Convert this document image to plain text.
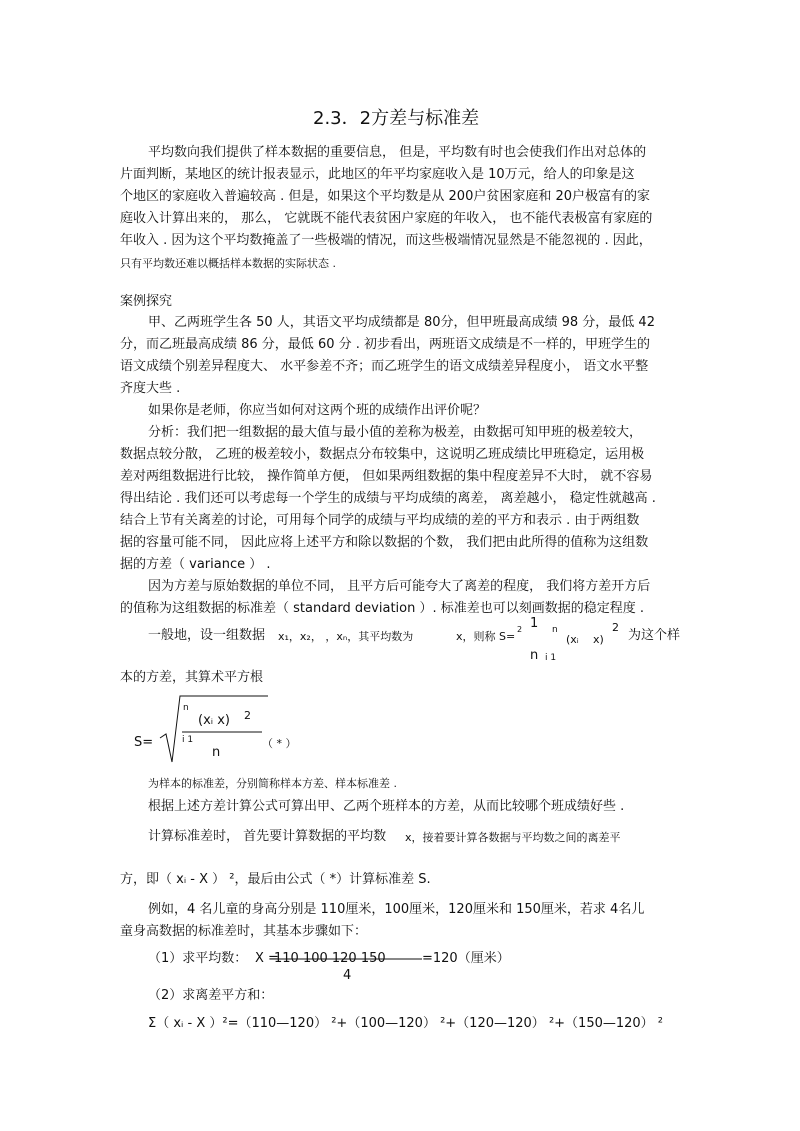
2.3．2方差与标准差
平均数向我们提供了样本数据的重要信息， 但是，平均数有时也会使我们作出对总体的
片面判断，某地区的统计报表显示，此地区的年平均家庭收入是 10万元，给人的印象是这
个地区的家庭收入普遍较高 . 但是，如果这个平均数是从 200户贫困家庭和 20户极富有的家
庭收入计算出来的， 那么， 它就既不能代表贫困户家庭的年收入， 也不能代表极富有家庭的
年收入 . 因为这个平均数掩盖了一些极端的情况，而这些极端情况显然是不能忽视的 . 因此，
只有平均数还难以概括样本数据的实际状态 .
案例探究
甲、乙两班学生各 50 人，其语文平均成绩都是 80分，但甲班最高成绩 98 分，最低 42
分，而乙班最高成绩 86 分，最低 60 分 . 初步看出，两班语文成绩是不一样的，甲班学生的
语文成绩个别差异程度大、 水平参差不齐；而乙班学生的语文成绩差异程度小， 语文水平整
齐度大些 .
如果你是老师，你应当如何对这两个班的成绩作出评价呢？
分析：我们把一组数据的最大值与最小值的差称为极差，由数据可知甲班的极差较大，
数据点较分散， 乙班的极差较小，数据点分布较集中，这说明乙班成绩比甲班稳定，运用极
差对两组数据进行比较， 操作简单方便， 但如果两组数据的集中程度差异不大时， 就不容易
得出结论 . 我们还可以考虑每一个学生的成绩与平均成绩的离差， 离差越小， 稳定性就越高 .
结合上节有关离差的讨论，可用每个同学的成绩与平均成绩的差的平方和表示 . 由于两组数
据的容量可能不同， 因此应将上述平方和除以数据的个数， 我们把由此所得的值称为这组数
据的方差（ variance ） .
因为方差与原始数据的单位不同， 且平方后可能夸大了离差的程度， 我们将方差开方后
的值称为这组数据的标准差（ standard deviation ）. 标准差也可以刻画数据的稳定程度 .
一般地，设一组数据 x₁，x₂， ，xₙ，其平均数为	x，则称 S=
2 1 n
(xᵢ x)
2
为这个样
n i 1
本的方差，其算术平方根
n
(xᵢ x) 2
i 1
S=
n
（ * ）
为样本的标准差，分别简称样本方差、样本标准差 .
根据上述方差计算公式可算出甲、乙两个班样本的方差，从而比较哪个班成绩好些 .
计算标准差时， 首先要计算数据的平均数 x，接着要计算各数据与平均数之间的离差平
方，即（ xᵢ - X ） ²，最后由公式（ *）计算标准差 S.
例如，4 名儿童的身高分别是 110厘米，100厘米，120厘米和 150厘米，若求 4名儿
童身高数据的标准差时，其基本步骤如下：
（1）求平均数： X =
110 100 120 150
4
=120（厘米）
（2）求离差平方和：
Σ（ xᵢ - X ）²=（110—120） ²+（100—120） ²+（120—120） ²+（150—120） ²
